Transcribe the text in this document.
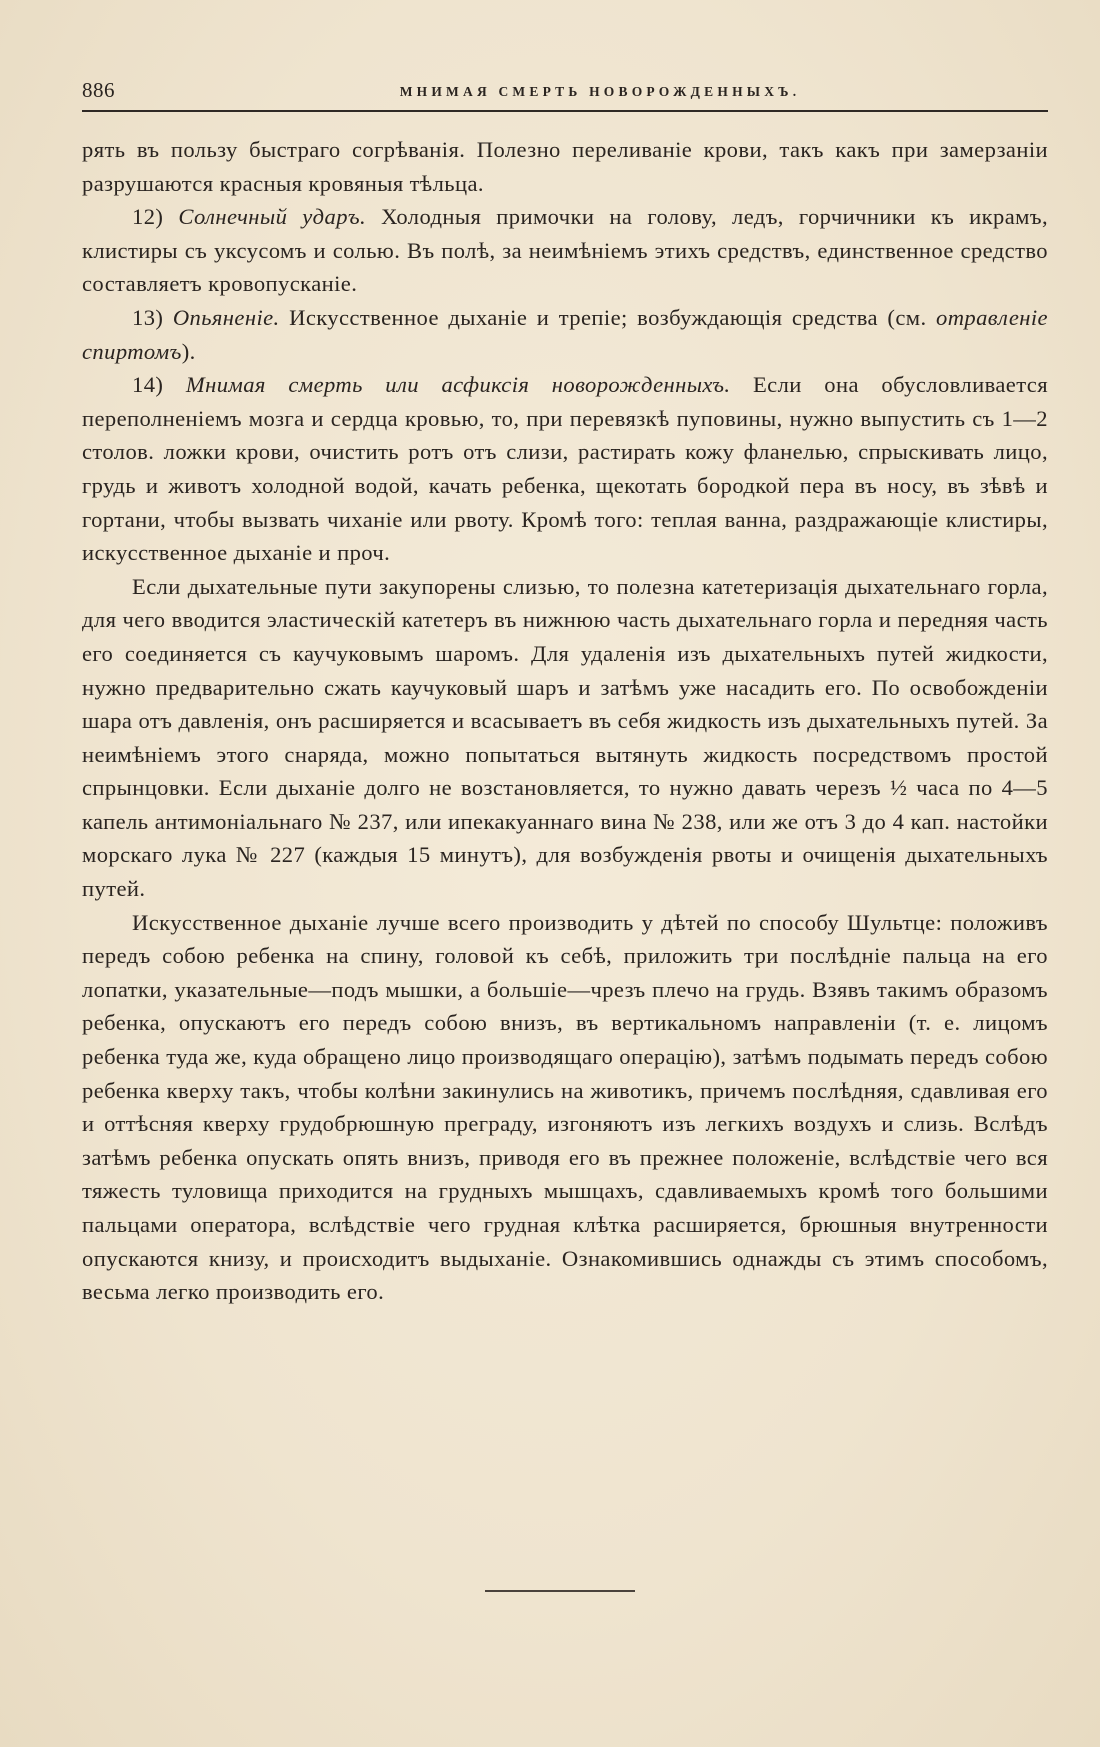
886	МНИМАЯ СМЕРТЬ НОВОРОЖДЕННЫХЪ.

рять въ пользу быстраго согрѣванія. Полезно переливаніе крови, такъ какъ при замерзаніи разрушаются красныя кровяныя тѣльца.

12) Солнечный ударъ. Холодныя примочки на голову, ледъ, горчичники къ икрамъ, клистиры съ уксусомъ и солью. Въ полѣ, за неимѣніемъ этихъ средствъ, единственное средство составляетъ кровопусканіе.

13) Опьяненіе. Искусственное дыханіе и трепіе; возбуждающія средства (см. отравленіе спиртомъ).

14) Мнимая смерть или асфиксія новорожденныхъ. Если она обусловливается переполненіемъ мозга и сердца кровью, то, при перевязкѣ пуповины, нужно выпустить съ 1—2 столов. ложки крови, очистить ротъ отъ слизи, растирать кожу фланелью, спрыскивать лицо, грудь и животъ холодной водой, качать ребенка, щекотать бородкой пера въ носу, въ зѣвѣ и гортани, чтобы вызвать чиханіе или рвоту. Кромѣ того: теплая ванна, раздражающіе клистиры, искусственное дыханіе и проч.

Если дыхательные пути закупорены слизью, то полезна катетеризація дыхательнаго горла, для чего вводится эластическій катетеръ въ нижнюю часть дыхательнаго горла и передняя часть его соединяется съ каучуковымъ шаромъ. Для удаленія изъ дыхательныхъ путей жидкости, нужно предварительно сжать каучуковый шаръ и затѣмъ уже насадить его. По освобожденіи шара отъ давленія, онъ расширяется и всасываетъ въ себя жидкость изъ дыхательныхъ путей. За неимѣніемъ этого снаряда, можно попытаться вытянуть жидкость посредствомъ простой спрынцовки. Если дыханіе долго не возстановляется, то нужно давать черезъ ½ часа по 4—5 капель антимоніальнаго № 237, или ипекакуаннаго вина № 238, или же отъ 3 до 4 кап. настойки морскаго лука № 227 (каждыя 15 минутъ), для возбужденія рвоты и очищенія дыхательныхъ путей.

Искусственное дыханіе лучше всего производить у дѣтей по способу Шультце: положивъ передъ собою ребенка на спину, головой къ себѣ, приложить три послѣдніе пальца на его лопатки, указательные—подъ мышки, а большіе—чрезъ плечо на грудь. Взявъ такимъ образомъ ребенка, опускаютъ его передъ собою внизъ, въ вертикальномъ направленіи (т. е. лицомъ ребенка туда же, куда обращено лицо производящаго операцію), затѣмъ подымать передъ собою ребенка кверху такъ, чтобы колѣни закинулись на животикъ, причемъ послѣдняя, сдавливая его и оттѣсняя кверху грудобрюшную преграду, изгоняютъ изъ легкихъ воздухъ и слизь. Вслѣдъ затѣмъ ребенка опускать опять внизъ, приводя его въ прежнее положеніе, вслѣдствіе чего вся тяжесть туловища приходится на грудныхъ мышцахъ, сдавливаемыхъ кромѣ того большими пальцами оператора, вслѣдствіе чего грудная клѣтка расширяется, брюшныя внутренности опускаются книзу, и происходитъ выдыханіе. Ознакомившись однажды съ этимъ способомъ, весьма легко производить его.
